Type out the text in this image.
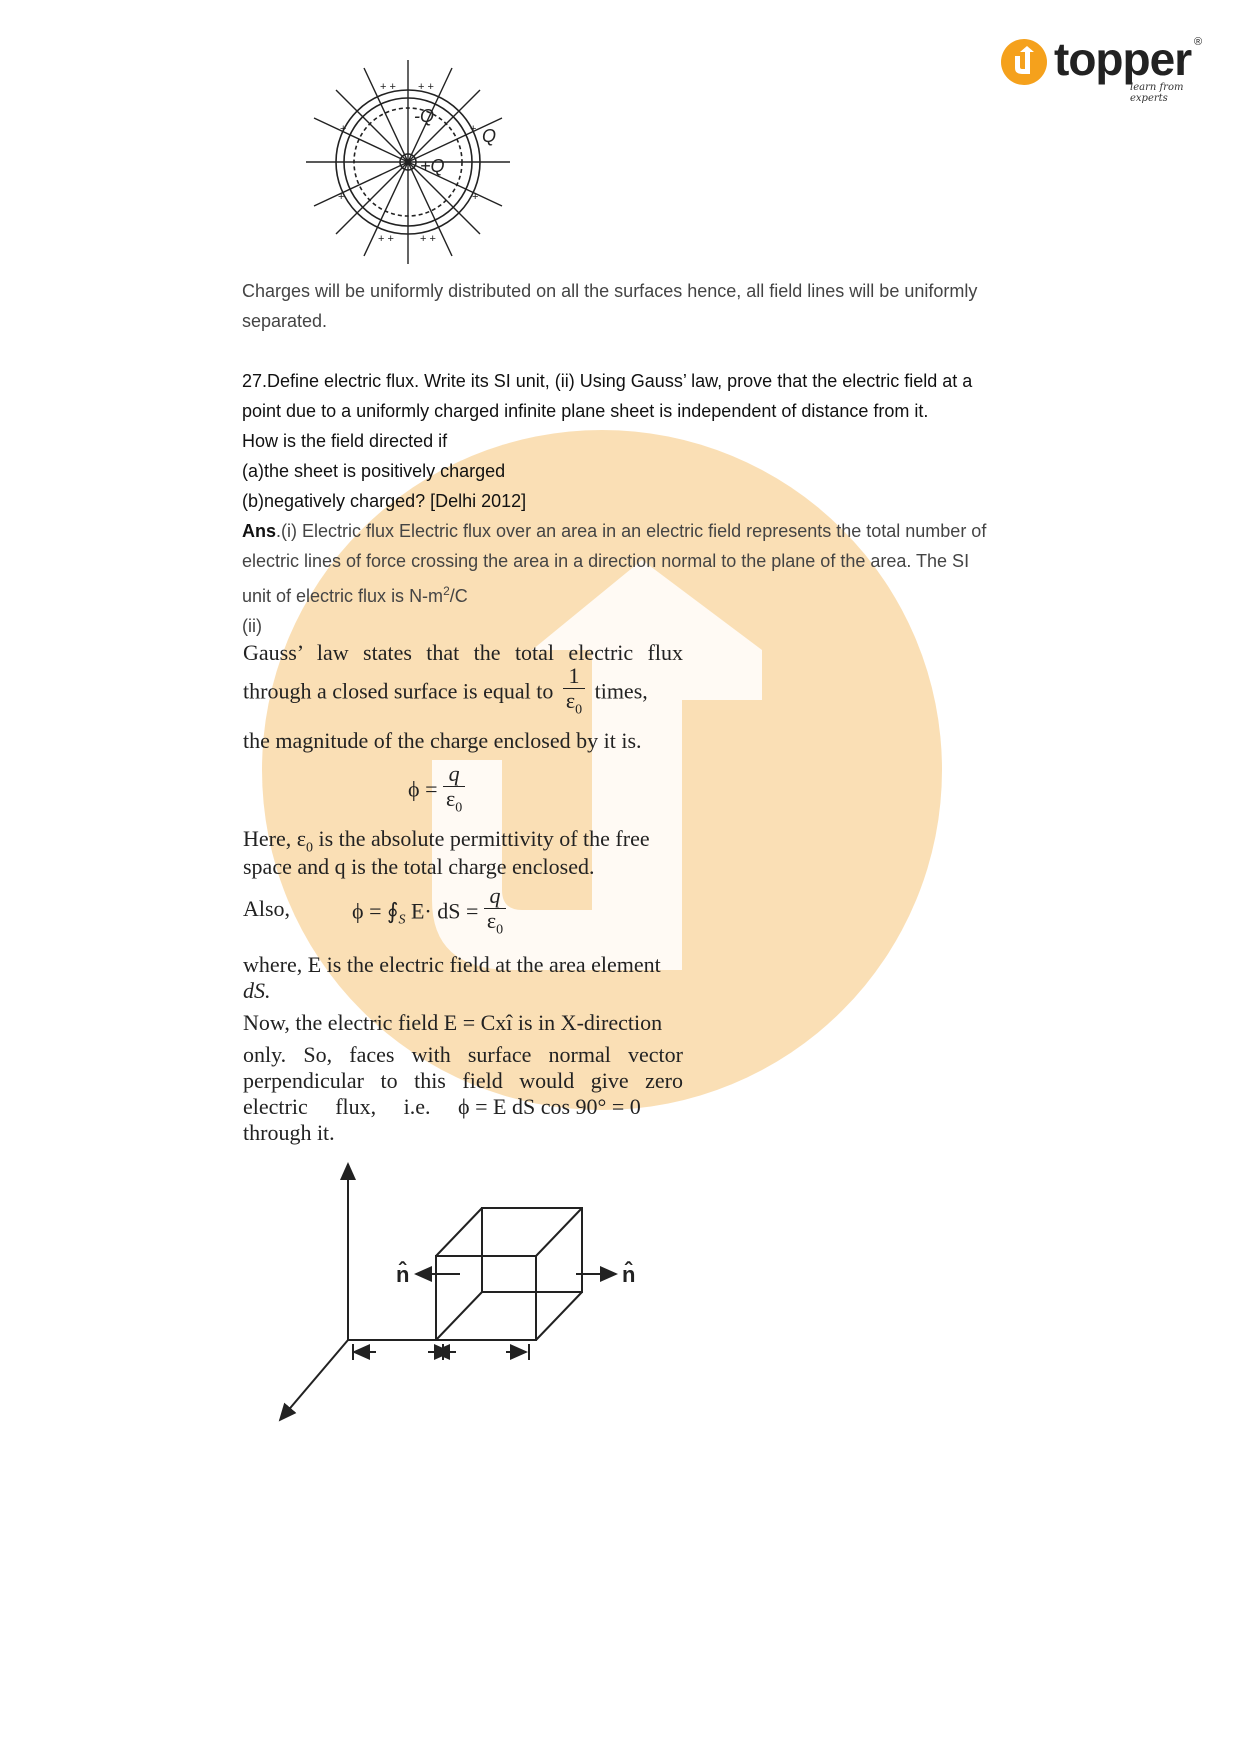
topper
learn from experts
®
+ + + +
+ + + +
+	+
+	+
-Q
Q
+Q
Charges will be uniformly distributed on all the surfaces hence, all field lines will be uniformly separated.
27.Define electric flux. Write its SI unit, (ii) Using Gauss’ law, prove that the electric field at a point due to a uniformly charged infinite plane sheet is independent of distance from it.
How is the field directed if
(a)the sheet is positively charged
(b)negatively charged? [Delhi 2012]
Ans.(i) Electric flux Electric flux over an area in an electric field represents the total number of electric lines of force crossing the area in a direction normal to the plane of the area. The SI unit of electric flux is $N-m^2/C$
(ii)
Gauss’ law states that the total electric flux
through a closed surface is equal to $\frac{1}{\varepsilon_0}$ times,
the magnitude of the charge enclosed by it is.
$\phi = \frac{q}{\varepsilon_0}$
Here, $\varepsilon_0$ is the absolute permittivity of the free
space and q is the total charge enclosed.
Also,	$\phi = ∮_S$ E· dS = $\frac{q}{\varepsilon_0}$
where, E is the electric field at the area element
dS.
Now, the electric field E = Cxî is in X-direction
only. So, faces with surface normal vector
perpendicular to this field would give zero
electric     flux,     i.e.     ϕ = E dS cos 90° = 0
through it.
n̂	n̂
